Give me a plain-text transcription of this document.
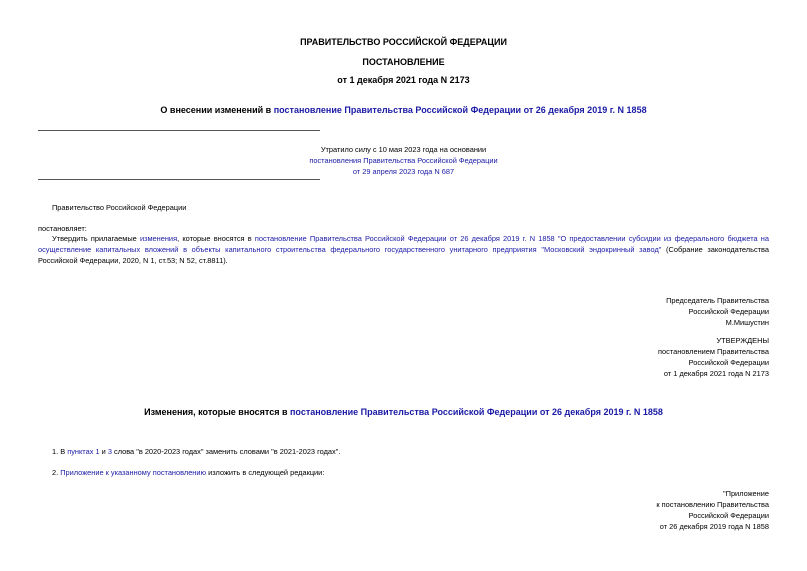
ПРАВИТЕЛЬСТВО РОССИЙСКОЙ ФЕДЕРАЦИИ
ПОСТАНОВЛЕНИЕ
от 1 декабря 2021 года N 2173
О внесении изменений в постановление Правительства Российской Федерации от 26 декабря 2019 г. N 1858
Утратило силу с 10 мая 2023 года на основании
постановления Правительства Российской Федерации
от 29 апреля 2023 года N 687
Правительство Российской Федерации
постановляет:
Утвердить прилагаемые изменения, которые вносятся в постановление Правительства Российской Федерации от 26 декабря 2019 г. N 1858 "О предоставлении субсидии из федерального бюджета на осуществление капитальных вложений в объекты капитального строительства федерального государственного унитарного предприятия "Московский эндокринный завод" (Собрание законодательства Российской Федерации, 2020, N 1, ст.53; N 52, ст.8811).
Председатель Правительства
Российской Федерации
М.Мишустин
УТВЕРЖДЕНЫ
постановлением Правительства
Российской Федерации
от 1 декабря 2021 года N 2173
Изменения, которые вносятся в постановление Правительства Российской Федерации от 26 декабря 2019 г. N 1858
1. В пунктах 1 и 3 слова "в 2020-2023 годах" заменить словами "в 2021-2023 годах".
2. Приложение к указанному постановлению изложить в следующей редакции:
"Приложение
к постановлению Правительства
Российской Федерации
от 26 декабря 2019 года N 1858
